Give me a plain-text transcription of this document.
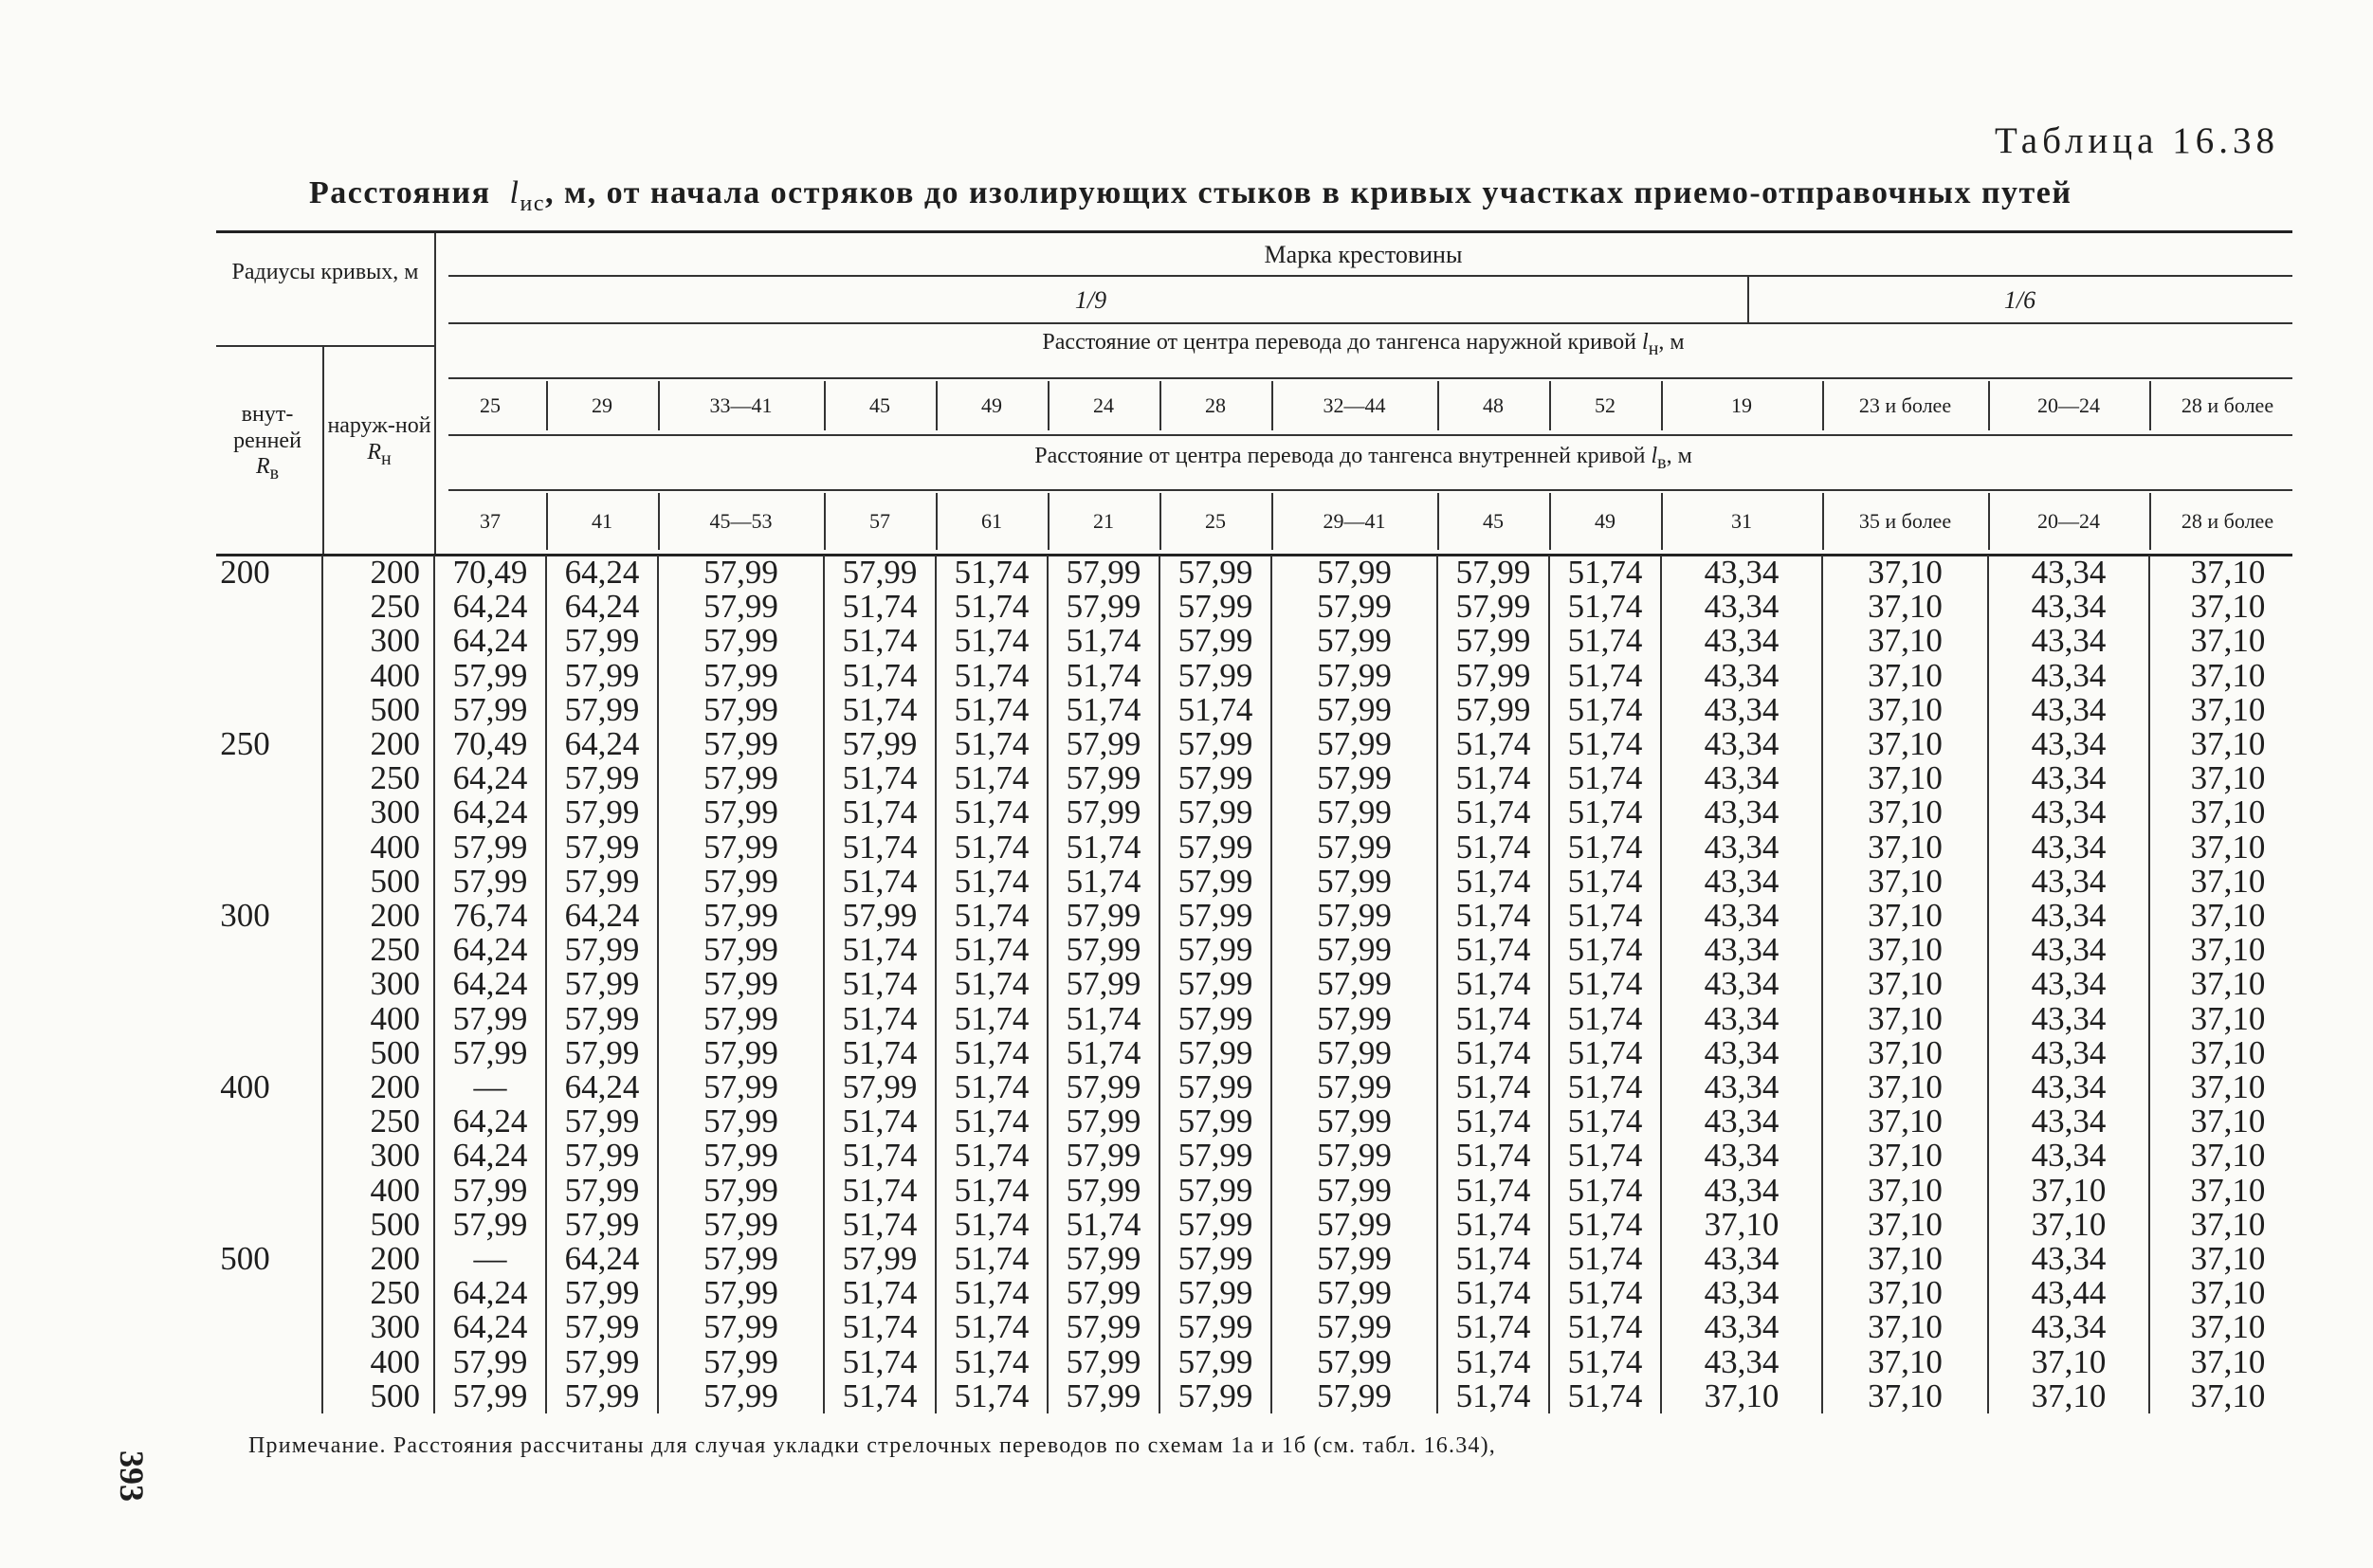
Таблица 16.38
Расстояния $l_{ис}$, м, от начала остряков до изолирующих стыков в кривых участках приемо-отправочных путей
Радиусы кривых, м
внут-ренней
$R_в$
наруж-ной $R_н$
Марка крестовины
1/9	1/6
Расстояние от центра перевода до тангенса наружной кривой $l_н$, м
Расстояние от центра перевода до тангенса внутренней кривой $l_в$, м
25	29	33—41	45	49	24	28	32—44	48	52	19	23 и более	20—24	28 и более
37	41	45—53	57	61	21	25	29—41	45	49	31	35 и более	20—24	28 и более
200	200	70,49	64,24	57,99	57,99	51,74	57,99	57,99	57,99	57,99	51,74	43,34	37,10	43,34	37,10
	250	64,24	64,24	57,99	51,74	51,74	57,99	57,99	57,99	57,99	51,74	43,34	37,10	43,34	37,10
	300	64,24	57,99	57,99	51,74	51,74	51,74	57,99	57,99	57,99	51,74	43,34	37,10	43,34	37,10
	400	57,99	57,99	57,99	51,74	51,74	51,74	57,99	57,99	57,99	51,74	43,34	37,10	43,34	37,10
	500	57,99	57,99	57,99	51,74	51,74	51,74	51,74	57,99	57,99	51,74	43,34	37,10	43,34	37,10
250	200	70,49	64,24	57,99	57,99	51,74	57,99	57,99	57,99	51,74	51,74	43,34	37,10	43,34	37,10
	250	64,24	57,99	57,99	51,74	51,74	57,99	57,99	57,99	51,74	51,74	43,34	37,10	43,34	37,10
	300	64,24	57,99	57,99	51,74	51,74	57,99	57,99	57,99	51,74	51,74	43,34	37,10	43,34	37,10
	400	57,99	57,99	57,99	51,74	51,74	51,74	57,99	57,99	51,74	51,74	43,34	37,10	43,34	37,10
	500	57,99	57,99	57,99	51,74	51,74	51,74	57,99	57,99	51,74	51,74	43,34	37,10	43,34	37,10
300	200	76,74	64,24	57,99	57,99	51,74	57,99	57,99	57,99	51,74	51,74	43,34	37,10	43,34	37,10
	250	64,24	57,99	57,99	51,74	51,74	57,99	57,99	57,99	51,74	51,74	43,34	37,10	43,34	37,10
	300	64,24	57,99	57,99	51,74	51,74	57,99	57,99	57,99	51,74	51,74	43,34	37,10	43,34	37,10
	400	57,99	57,99	57,99	51,74	51,74	51,74	57,99	57,99	51,74	51,74	43,34	37,10	43,34	37,10
	500	57,99	57,99	57,99	51,74	51,74	51,74	57,99	57,99	51,74	51,74	43,34	37,10	43,34	37,10
400	200	—	64,24	57,99	57,99	51,74	57,99	57,99	57,99	51,74	51,74	43,34	37,10	43,34	37,10
	250	64,24	57,99	57,99	51,74	51,74	57,99	57,99	57,99	51,74	51,74	43,34	37,10	43,34	37,10
	300	64,24	57,99	57,99	51,74	51,74	57,99	57,99	57,99	51,74	51,74	43,34	37,10	43,34	37,10
	400	57,99	57,99	57,99	51,74	51,74	57,99	57,99	57,99	51,74	51,74	43,34	37,10	37,10	37,10
	500	57,99	57,99	57,99	51,74	51,74	51,74	57,99	57,99	51,74	51,74	37,10	37,10	37,10	37,10
500	200	—	64,24	57,99	57,99	51,74	57,99	57,99	57,99	51,74	51,74	43,34	37,10	43,34	37,10
	250	64,24	57,99	57,99	51,74	51,74	57,99	57,99	57,99	51,74	51,74	43,34	37,10	43,44	37,10
	300	64,24	57,99	57,99	51,74	51,74	57,99	57,99	57,99	51,74	51,74	43,34	37,10	43,34	37,10
	400	57,99	57,99	57,99	51,74	51,74	57,99	57,99	57,99	51,74	51,74	43,34	37,10	37,10	37,10
	500	57,99	57,99	57,99	51,74	51,74	57,99	57,99	57,99	51,74	51,74	37,10	37,10	37,10	37,10
Примечание. Расстояния рассчитаны для случая укладки стрелочных переводов по схемам 1а и 1б (см. табл. 16.34),
393
